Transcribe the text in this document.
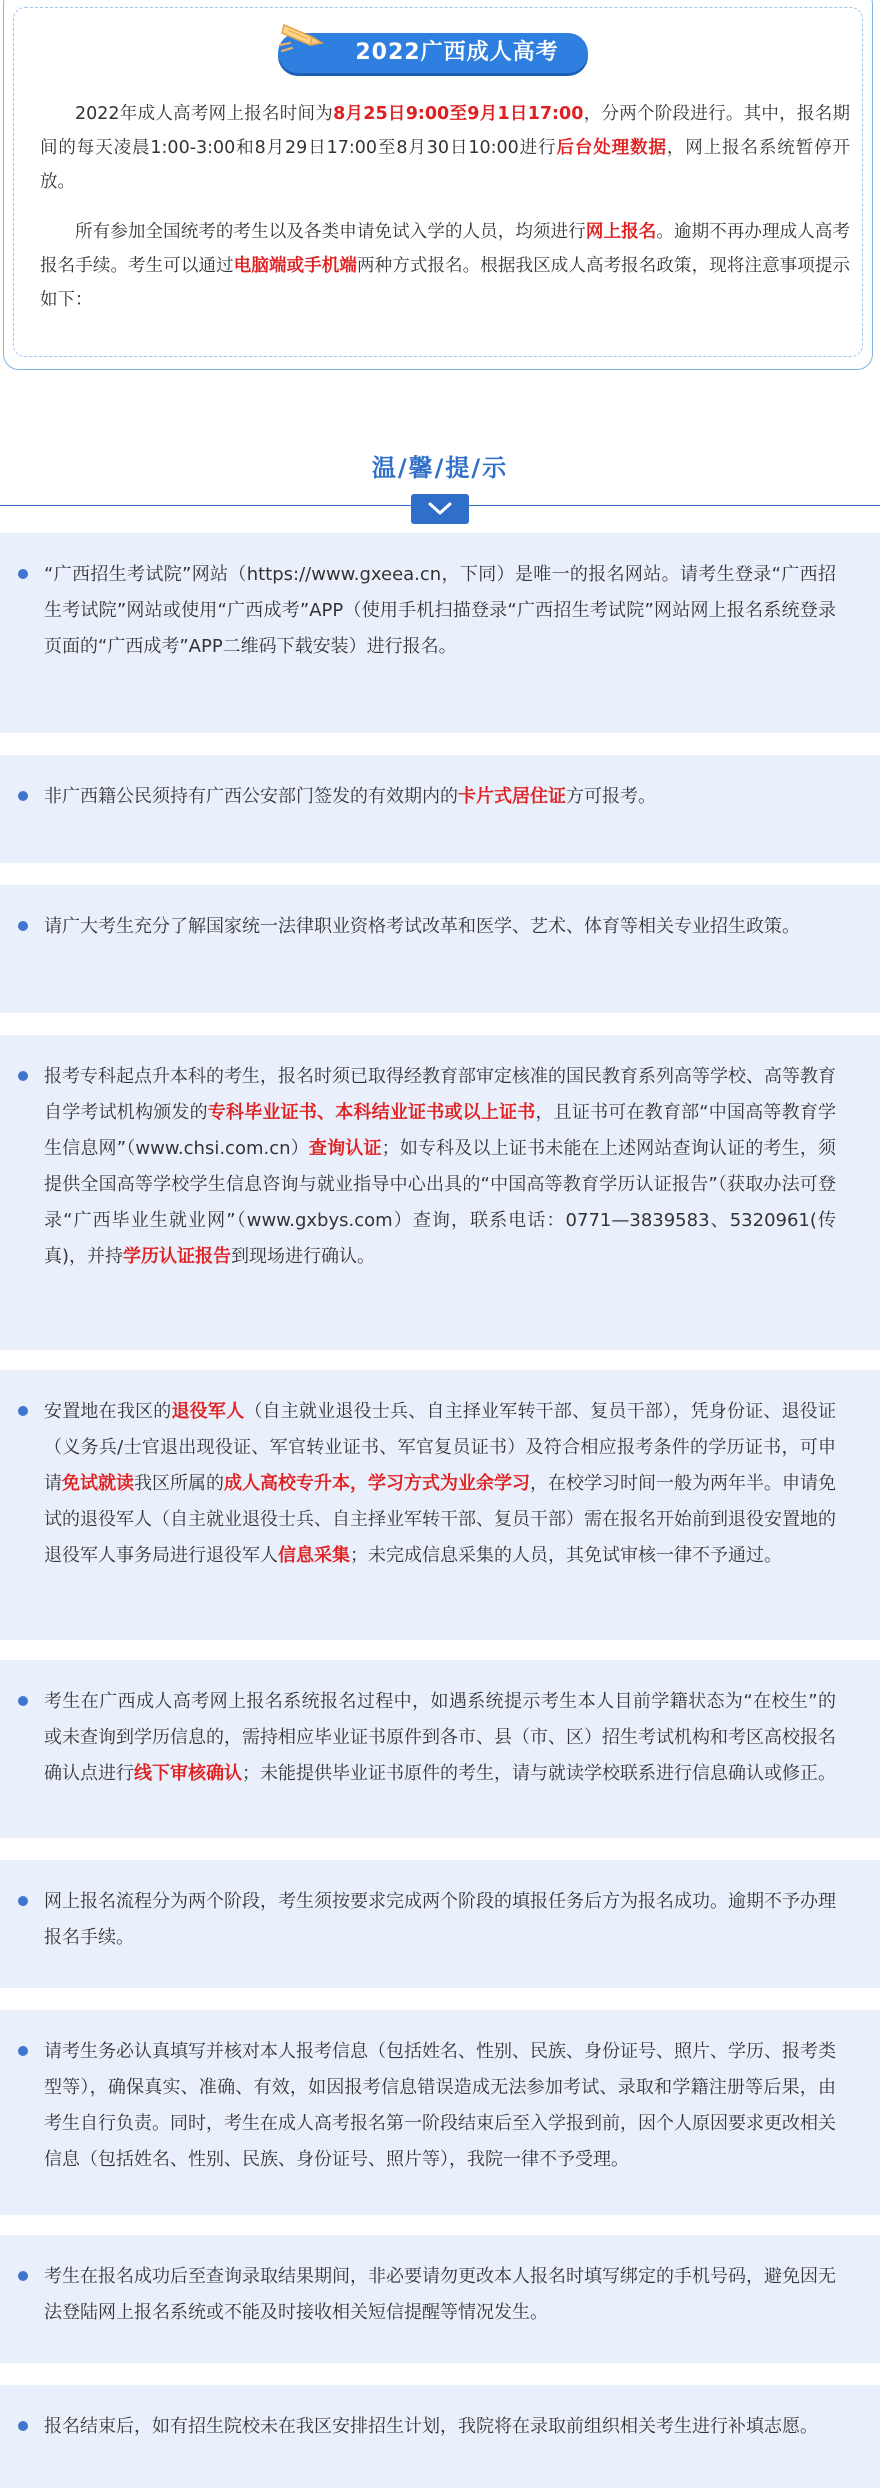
2022广西成人高考

2022年成人高考网上报名时间为8月25日9:00至9月1日17:00，分两个阶段进行。其中，报名期间的每天凌晨1:00-3:00和8月29日17:00至8月30日10:00进行后台处理数据，网上报名系统暂停开放。

所有参加全国统考的考生以及各类申请免试入学的人员，均须进行网上报名。逾期不再办理成人高考报名手续。考生可以通过电脑端或手机端两种方式报名。根据我区成人高考报名政策，现将注意事项提示如下：

温/馨/提/示

“广西招生考试院”网站（https://www.gxeea.cn，下同）是唯一的报名网站。请考生登录“广西招生考试院”网站或使用“广西成考”APP（使用手机扫描登录“广西招生考试院”网站网上报名系统登录页面的“广西成考”APP二维码下载安装）进行报名。

非广西籍公民须持有广西公安部门签发的有效期内的卡片式居住证方可报考。

请广大考生充分了解国家统一法律职业资格考试改革和医学、艺术、体育等相关专业招生政策。

报考专科起点升本科的考生，报名时须已取得经教育部审定核准的国民教育系列高等学校、高等教育自学考试机构颁发的专科毕业证书、本科结业证书或以上证书，且证书可在教育部“中国高等教育学生信息网”（www.chsi.com.cn）查询认证；如专科及以上证书未能在上述网站查询认证的考生，须提供全国高等学校学生信息咨询与就业指导中心出具的“中国高等教育学历认证报告”（获取办法可登录“广西毕业生就业网”（www.gxbys.com）查询，联系电话：0771—3839583、5320961(传真)，并持学历认证报告到现场进行确认。

安置地在我区的退役军人（自主就业退役士兵、自主择业军转干部、复员干部），凭身份证、退役证（义务兵/士官退出现役证、军官转业证书、军官复员证书）及符合相应报考条件的学历证书，可申请免试就读我区所属的成人高校专升本，学习方式为业余学习，在校学习时间一般为两年半。申请免试的退役军人（自主就业退役士兵、自主择业军转干部、复员干部）需在报名开始前到退役安置地的退役军人事务局进行退役军人信息采集；未完成信息采集的人员，其免试审核一律不予通过。

考生在广西成人高考网上报名系统报名过程中，如遇系统提示考生本人目前学籍状态为“在校生”的或未查询到学历信息的，需持相应毕业证书原件到各市、县（市、区）招生考试机构和考区高校报名确认点进行线下审核确认；未能提供毕业证书原件的考生，请与就读学校联系进行信息确认或修正。

网上报名流程分为两个阶段，考生须按要求完成两个阶段的填报任务后方为报名成功。逾期不予办理报名手续。

请考生务必认真填写并核对本人报考信息（包括姓名、性别、民族、身份证号、照片、学历、报考类型等），确保真实、准确、有效，如因报考信息错误造成无法参加考试、录取和学籍注册等后果，由考生自行负责。同时，考生在成人高考报名第一阶段结束后至入学报到前，因个人原因要求更改相关信息（包括姓名、性别、民族、身份证号、照片等），我院一律不予受理。

考生在报名成功后至查询录取结果期间，非必要请勿更改本人报名时填写绑定的手机号码，避免因无法登陆网上报名系统或不能及时接收相关短信提醒等情况发生。

报名结束后，如有招生院校未在我区安排招生计划，我院将在录取前组织相关考生进行补填志愿。
